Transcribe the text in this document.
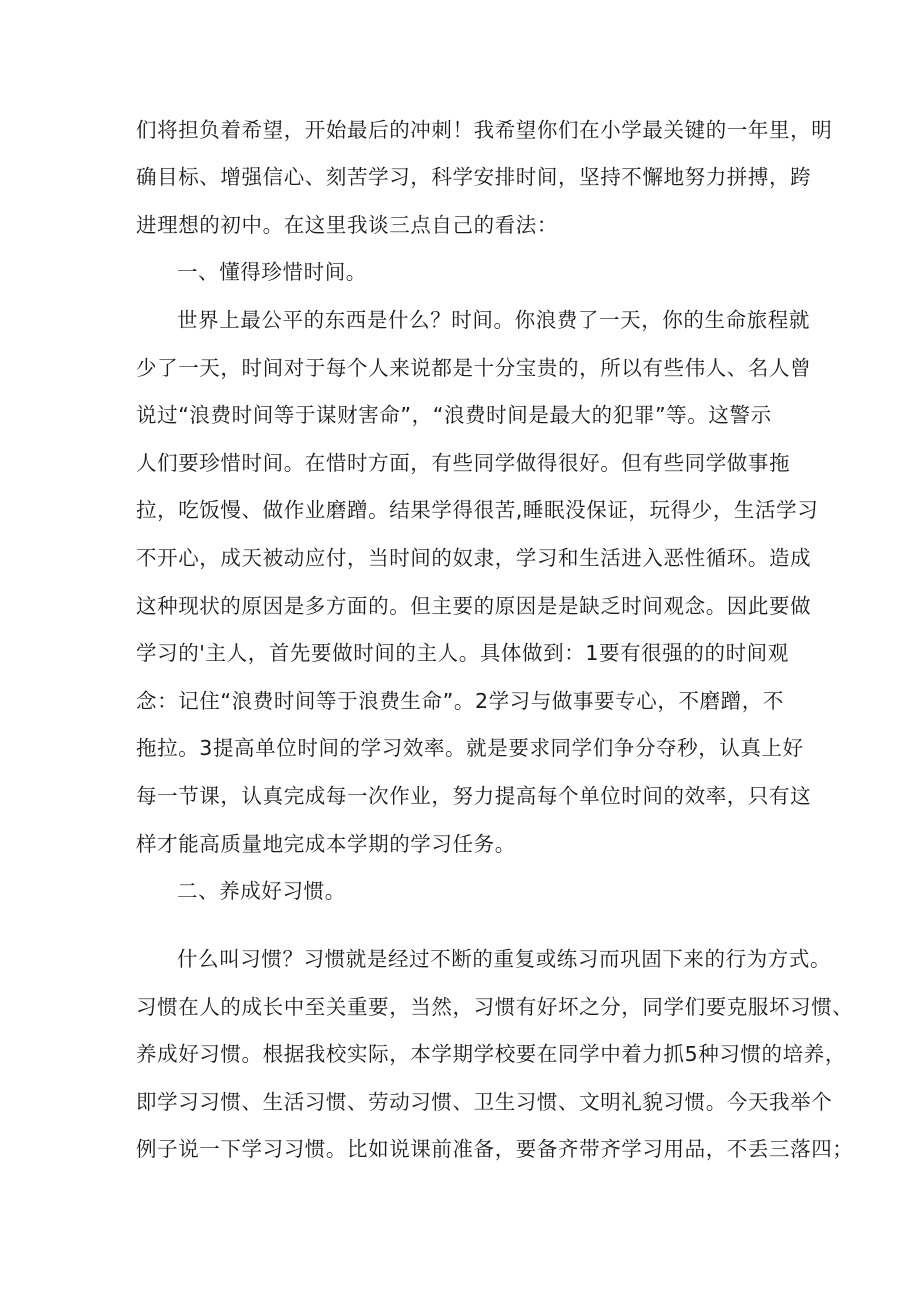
们将担负着希望，开始最后的冲刺！我希望你们在小学最关键的一年里，明
确目标、增强信心、刻苦学习，科学安排时间，坚持不懈地努力拼搏，跨
进理想的初中。在这里我谈三点自己的看法：
一、懂得珍惜时间。
世界上最公平的东西是什么？时间。你浪费了一天，你的生命旅程就
少了一天，时间对于每个人来说都是十分宝贵的，所以有些伟人、名人曾
说过“浪费时间等于谋财害命”，“浪费时间是最大的犯罪”等。这警示
人们要珍惜时间。在惜时方面，有些同学做得很好。但有些同学做事拖
拉，吃饭慢、做作业磨蹭。结果学得很苦,睡眠没保证，玩得少，生活学习
不开心，成天被动应付，当时间的奴隶，学习和生活进入恶性循环。造成
这种现状的原因是多方面的。但主要的原因是是缺乏时间观念。因此要做
学习的'主人，首先要做时间的主人。具体做到：1要有很强的的时间观
念：记住“浪费时间等于浪费生命”。2学习与做事要专心，不磨蹭，不
拖拉。3提高单位时间的学习效率。就是要求同学们争分夺秒，认真上好
每一节课，认真完成每一次作业，努力提高每个单位时间的效率，只有这
样才能高质量地完成本学期的学习任务。
二、养成好习惯。
什么叫习惯？习惯就是经过不断的重复或练习而巩固下来的行为方式。
习惯在人的成长中至关重要，当然，习惯有好坏之分，同学们要克服坏习惯、
养成好习惯。根据我校实际，本学期学校要在同学中着力抓5种习惯的培养，
即学习习惯、生活习惯、劳动习惯、卫生习惯、文明礼貌习惯。今天我举个
例子说一下学习习惯。比如说课前准备，要备齐带齐学习用品，不丢三落四；
